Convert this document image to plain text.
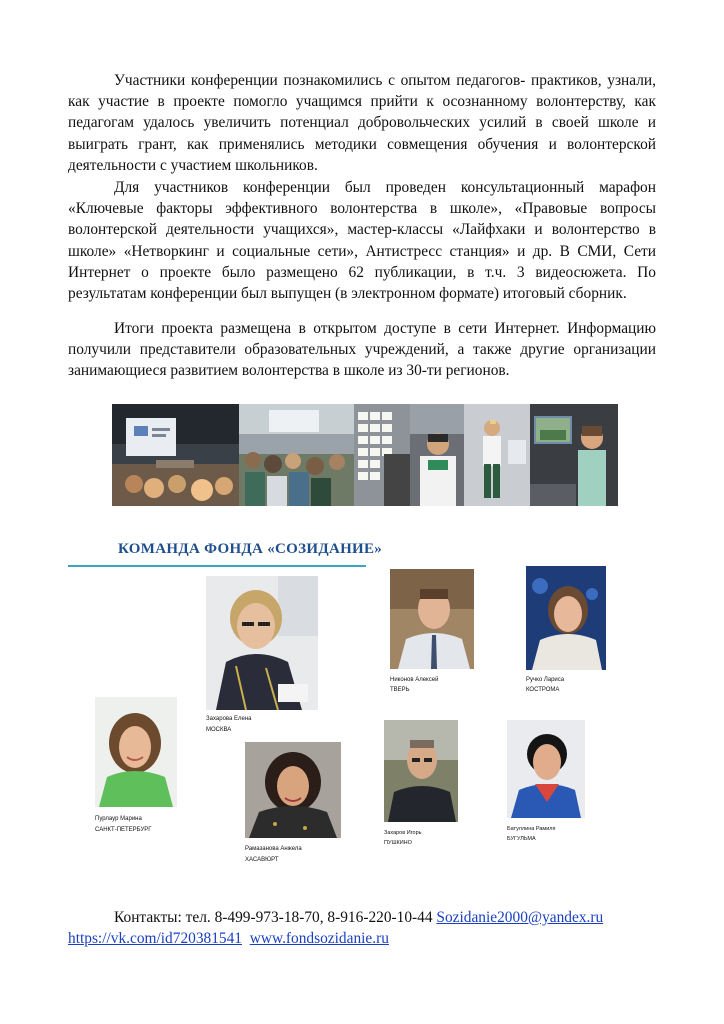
Участники конференции познакомились с опытом педагогов- практиков, узнали, как участие в проекте помогло учащимся прийти к осознанному волонтерству, как педагогам удалось увеличить потенциал добровольческих усилий в своей школе и выиграть грант, как применялись методики совмещения обучения и волонтерской деятельности с участием школьников.

Для участников конференции был проведен консультационный марафон «Ключевые факторы эффективного волонтерства в школе», «Правовые вопросы волонтерской деятельности учащихся», мастер-классы «Лайфхаки и волонтерство в школе» «Нетворкинг и социальные сети», Антистресс станция» и др. В СМИ, Сети Интернет о проекте было размещено 62 публикации, в т.ч. 3 видеосюжета. По результатам конференции был выпущен (в электронном формате) итоговый сборник.

Итоги проекта размещена в открытом доступе в сети Интернет. Информацию получили представители образовательных учреждений, а также другие организации занимающиеся развитием волонтерства в школе из 30-ти регионов.

КОМАНДА ФОНДА «СОЗИДАНИЕ»
Захарова Елена
МОСКВА
Никонов Алексей
ТВЕРЬ
Ручко Лариса
КОСТРОМА
Пурлаур Марина
САНКТ-ПЕТЕРБУРГ
Рамазанова Анжела
ХАСАВЮРТ
Захаров Игорь
ПУШКИНО
Батуллина Рамиля
БУГУЛЬМА
Контакты: тел. 8-499-973-18-70, 8-916-220-10-44 Sozidanie2000@yandex.ru
https://vk.com/id720381541 www.fondsozidanie.ru
